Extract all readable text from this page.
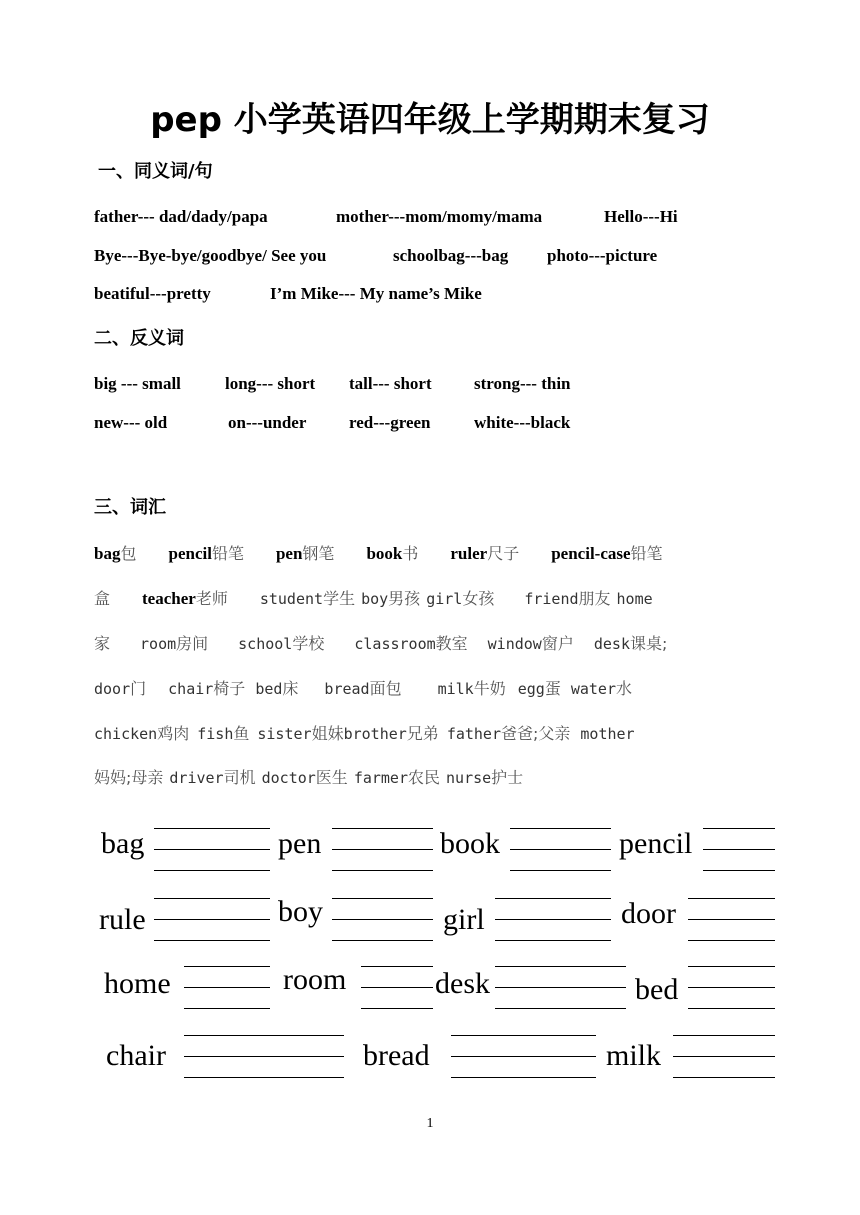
pep 小学英语四年级上学期期末复习
一、同义词/句
father--- dad/dady/papa	mother---mom/momy/mama	Hello---Hi
Bye---Bye-bye/goodbye/ See you	schoolbag---bag photo---picture
beatiful---pretty	I’m Mike--- My name’s Mike
二、反义词
big --- small	long--- short tall--- short strong--- thin
new--- old	on---under	red---green	white---black
三、词汇
bag包 pencil铅笔 pen钢笔 book书 ruler尺子 pencil-case铅笔
盒 teacher老师 student学生 boy男孩 girl女孩 friend朋友 home
家 room房间 school学校 classroom教室 window窗户 desk课桌;
door门 chair椅子 bed床 bread面包 milk牛奶 egg蛋 water水
chicken鸡肉 fish鱼 sister姐妹brother兄弟 father爸爸;父亲 mother
妈妈;母亲 driver司机 doctor医生 farmer农民 nurse护士
bag	pen	book	pencil
rule	boy	girl	door
home	room	desk	bed
chair	bread	milk
1
